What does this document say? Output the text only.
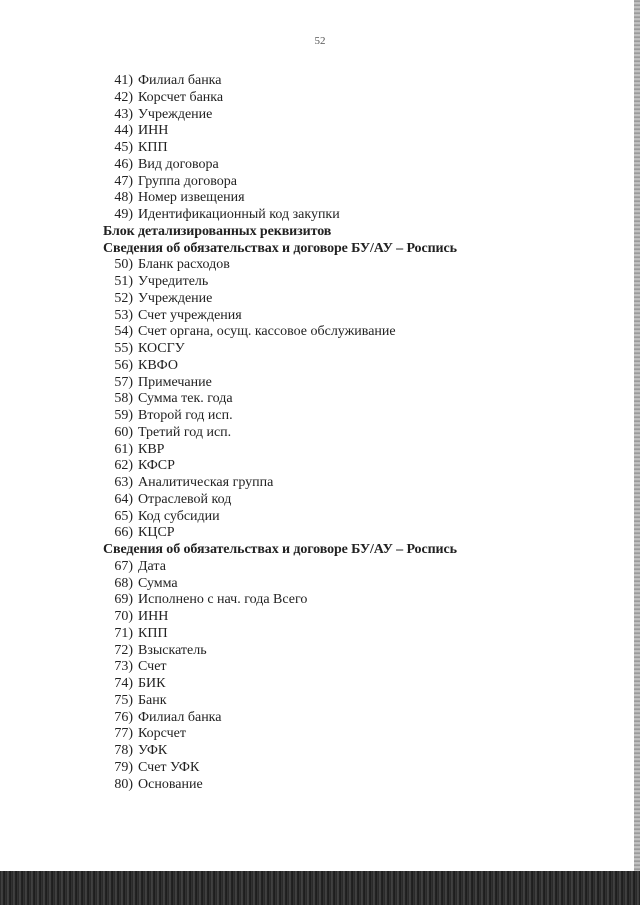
52
41) Филиал банка
42) Корсчет банка
43) Учреждение
44) ИНН
45) КПП
46) Вид договора
47) Группа договора
48) Номер извещения
49) Идентификационный код закупки
Блок детализированных реквизитов
Сведения об обязательствах и договоре БУ/АУ – Роспись
50) Бланк расходов
51) Учредитель
52) Учреждение
53) Счет учреждения
54) Счет органа, осущ. кассовое обслуживание
55) КОСГУ
56) КВФО
57) Примечание
58) Сумма тек. года
59) Второй год исп.
60) Третий год исп.
61) КВР
62) КФСР
63) Аналитическая группа
64) Отраслевой код
65) Код субсидии
66) КЦСР
Сведения об обязательствах и договоре БУ/АУ – Роспись
67) Дата
68) Сумма
69) Исполнено с нач. года Всего
70) ИНН
71) КПП
72) Взыскатель
73) Счет
74) БИК
75) Банк
76) Филиал банка
77) Корсчет
78) УФК
79) Счет УФК
80) Основание
